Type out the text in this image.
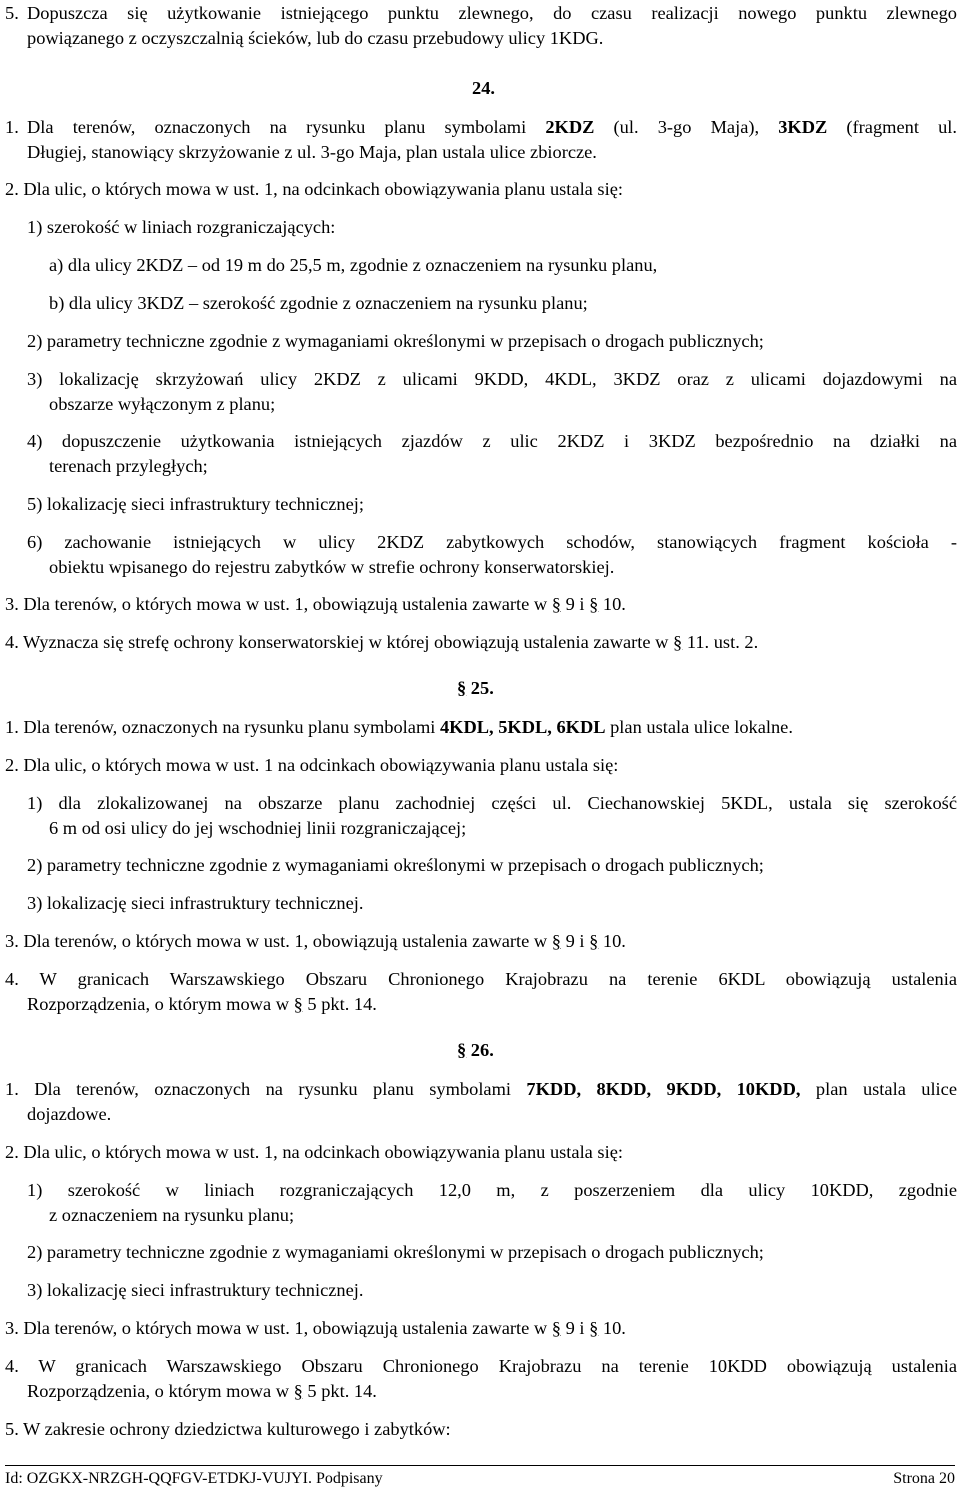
5. Dopuszcza się użytkowanie istniejącego punktu zlewnego, do czasu realizacji nowego punktu zlewnego
powiązanego z oczyszczalnią ścieków, lub do czasu przebudowy ulicy 1KDG.
24.
1. Dla terenów, oznaczonych na rysunku planu symbolami 2KDZ (ul. 3-go Maja), 3KDZ (fragment ul.
Długiej, stanowiący skrzyżowanie z ul. 3-go Maja, plan ustala ulice zbiorcze.
2. Dla ulic, o których mowa w ust. 1, na odcinkach obowiązywania planu ustala się:
1) szerokość w liniach rozgraniczających:
a) dla ulicy 2KDZ – od 19 m do 25,5 m, zgodnie z oznaczeniem na rysunku planu,
b) dla ulicy 3KDZ – szerokość zgodnie z oznaczeniem na rysunku planu;
2) parametry techniczne zgodnie z wymaganiami określonymi w przepisach o drogach publicznych;
3) lokalizację skrzyżowań ulicy 2KDZ z ulicami 9KDD, 4KDL, 3KDZ oraz z ulicami dojazdowymi na
obszarze wyłączonym z planu;
4) dopuszczenie użytkowania istniejących zjazdów z ulic 2KDZ i 3KDZ bezpośrednio na działki na
terenach przyległych;
5) lokalizację sieci infrastruktury technicznej;
6) zachowanie istniejących w ulicy 2KDZ zabytkowych schodów, stanowiących fragment kościoła -
obiektu wpisanego do rejestru zabytków w strefie ochrony konserwatorskiej.
3. Dla terenów, o których mowa w ust. 1, obowiązują ustalenia zawarte w § 9 i § 10.
4. Wyznacza się strefę ochrony konserwatorskiej w której obowiązują ustalenia zawarte w § 11. ust. 2.
§ 25.
1. Dla terenów, oznaczonych na rysunku planu symbolami 4KDL, 5KDL, 6KDL plan ustala ulice lokalne.
2. Dla ulic, o których mowa w ust. 1 na odcinkach obowiązywania planu ustala się:
1) dla zlokalizowanej na obszarze planu zachodniej części ul. Ciechanowskiej 5KDL, ustala się szerokość
6 m od osi ulicy do jej wschodniej linii rozgraniczającej;
2) parametry techniczne zgodnie z wymaganiami określonymi w przepisach o drogach publicznych;
3) lokalizację sieci infrastruktury technicznej.
3. Dla terenów, o których mowa w ust. 1, obowiązują ustalenia zawarte w § 9 i § 10.
4. W granicach Warszawskiego Obszaru Chronionego Krajobrazu na terenie 6KDL obowiązują ustalenia
Rozporządzenia, o którym mowa w § 5 pkt. 14.
§ 26.
1. Dla terenów, oznaczonych na rysunku planu symbolami 7KDD, 8KDD, 9KDD, 10KDD, plan ustala ulice
dojazdowe.
2. Dla ulic, o których mowa w ust. 1, na odcinkach obowiązywania planu ustala się:
1) szerokość w liniach rozgraniczających 12,0 m, z poszerzeniem dla ulicy 10KDD, zgodnie
z oznaczeniem na rysunku planu;
2) parametry techniczne zgodnie z wymaganiami określonymi w przepisach o drogach publicznych;
3) lokalizację sieci infrastruktury technicznej.
3. Dla terenów, o których mowa w ust. 1, obowiązują ustalenia zawarte w § 9 i § 10.
4. W granicach Warszawskiego Obszaru Chronionego Krajobrazu na terenie 10KDD obowiązują ustalenia
Rozporządzenia, o którym mowa w § 5 pkt. 14.
5. W zakresie ochrony dziedzictwa kulturowego i zabytków:
Id: OZGKX-NRZGH-QQFGV-ETDKJ-VUJYI. Podpisany	Strona 20
